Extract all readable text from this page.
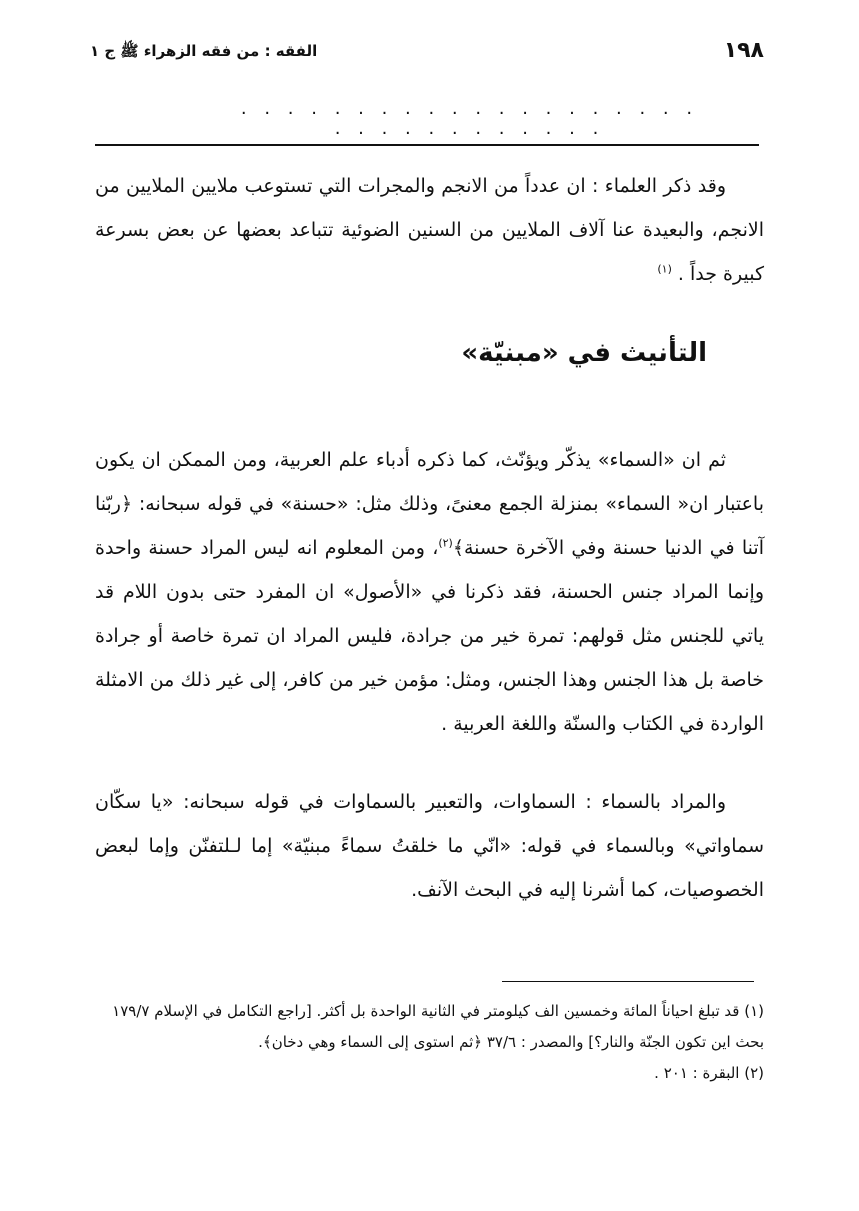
١٩٨
الفقه : من فقه الزهراء ﷺ ج ١
· · · · · · · · · · · · · · · · · · · · · · · · · · · · · · · ·
وقد ذكر العلماء : ان عدداً من الانجم والمجرات التي تستوعب ملايين الملايين من الانجم، والبعيدة عنا آلاف الملايين من السنين الضوئية تتباعد بعضها عن بعض بسرعة كبيرة جداً . $^{(١)}$
التأنيث في «مبنيّة»
ثم ان «السماء» يذكّر ويؤنّث، كما ذكره أدباء علم العربية، ومن الممكن ان يكون باعتبار ان« السماء» بمنزلة الجمع معنىً، وذلك مثل: «حسنة» في قوله سبحانه: ﴿ربّنا آتنا في الدنيا حسنة وفي الآخرة حسنة﴾$^{(٢)}$، ومن المعلوم انه ليس المراد حسنة واحدة وإنما المراد جنس الحسنة، فقد ذكرنا في «الأصول» ان المفرد حتى بدون اللام قد ياتي للجنس مثل قولهم: تمرة خير من جرادة، فليس المراد ان تمرة خاصة أو جرادة خاصة بل هذا الجنس وهذا الجنس، ومثل: مؤمن خير من كافر، إلى غير ذلك من الامثلة الواردة في الكتاب والسنّة واللغة العربية .
والمراد بالسماء : السماوات، والتعبير بالسماوات في قوله سبحانه: «يا سكّان سماواتي» وبالسماء في قوله: «انّي ما خلقتُ سماءً مبنيّة» إما لـلتفنّن وإما لبعض الخصوصيات، كما أشرنا إليه في البحث الآنف.

(١) قد تبلغ احياناً المائة وخمسين الف كيلومتر في الثانية الواحدة بل أكثر. [راجع التكامل في الإسلام ١٧٩/٧ بحث اين تكون الجنّة والنار؟] والمصدر : ٣٧/٦ ﴿ثم استوى إلى السماء وهي دخان﴾.

(٢) البقرة : ٢٠١ .
